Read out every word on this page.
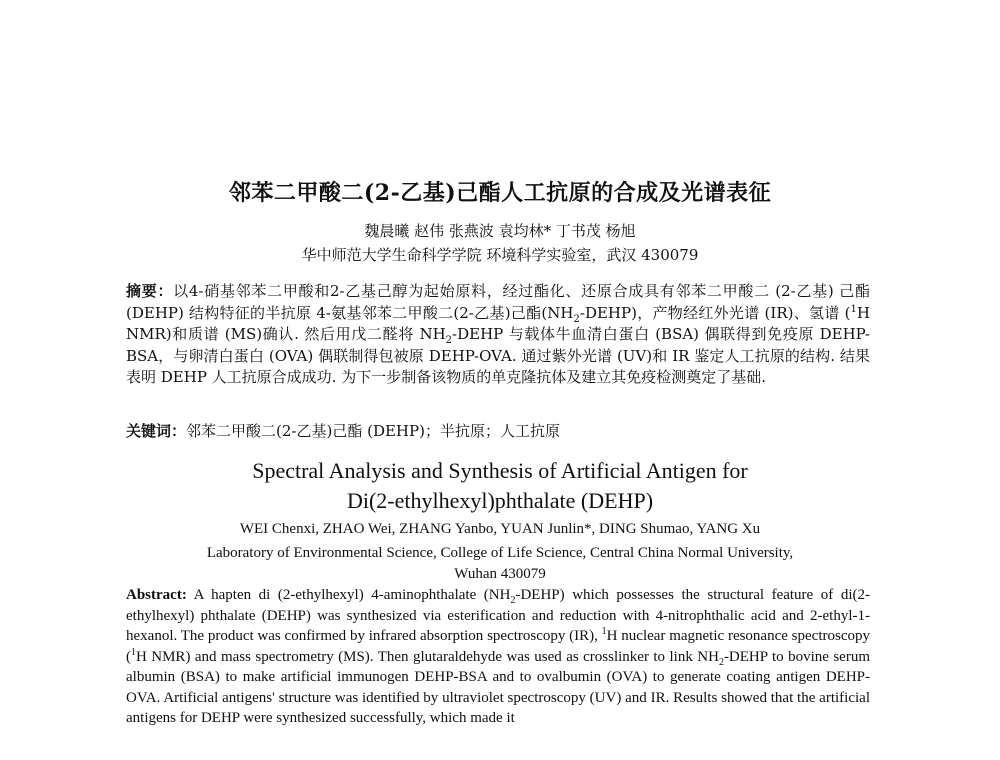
邻苯二甲酸二(2-乙基)己酯人工抗原的合成及光谱表征
魏晨曦 赵伟 张燕波 袁均林* 丁书茂 杨旭
华中师范大学生命科学学院 环境科学实验室，武汉 430079
摘要：以4-硝基邻苯二甲酸和2-乙基己醇为起始原料，经过酯化、还原合成具有邻苯二甲酸二 (2-乙基) 己酯 (DEHP) 结构特征的半抗原 4-氨基邻苯二甲酸二(2-乙基)己酯$(NH_2-DEHP)$，产物经红外光谱 (IR)、氢谱 ($^1$H NMR)和质谱 (MS)确认. 然后用戊二醛将 $NH_2$-DEHP 与载体牛血清白蛋白 (BSA) 偶联得到免疫原 DEHP-BSA，与卵清白蛋白 (OVA) 偶联制得包被原 DEHP-OVA. 通过紫外光谱 (UV)和 IR 鉴定人工抗原的结构. 结果表明 DEHP 人工抗原合成成功. 为下一步制备该物质的单克隆抗体及建立其免疫检测奠定了基础.
关键词：邻苯二甲酸二(2-乙基)己酯 (DEHP)；半抗原；人工抗原
Spectral Analysis and Synthesis of Artificial Antigen for
Di(2-ethylhexyl)phthalate (DEHP)
WEI Chenxi, ZHAO Wei, ZHANG Yanbo, YUAN Junlin*, DING Shumao, YANG Xu
Laboratory of Environmental Science, College of Life Science, Central China Normal University,
Wuhan 430079
Abstract: A hapten di (2-ethylhexyl) 4-aminophthalate $(NH_2-DEHP)$ which possesses the structural feature of di(2-ethylhexyl) phthalate (DEHP) was synthesized via esterification and reduction with 4-nitrophthalic acid and 2-ethyl-1-hexanol. The product was confirmed by infrared absorption spectroscopy (IR), $^1$H nuclear magnetic resonance spectroscopy ($^1$H NMR) and mass spectrometry (MS). Then glutaraldehyde was used as crosslinker to link $NH_2$-DEHP to bovine serum albumin (BSA) to make artificial immunogen DEHP-BSA and to ovalbumin (OVA) to generate coating antigen DEHP-OVA. Artificial antigens' structure was identified by ultraviolet spectroscopy (UV) and IR. Results showed that the artificial antigens for DEHP were synthesized successfully, which made it
